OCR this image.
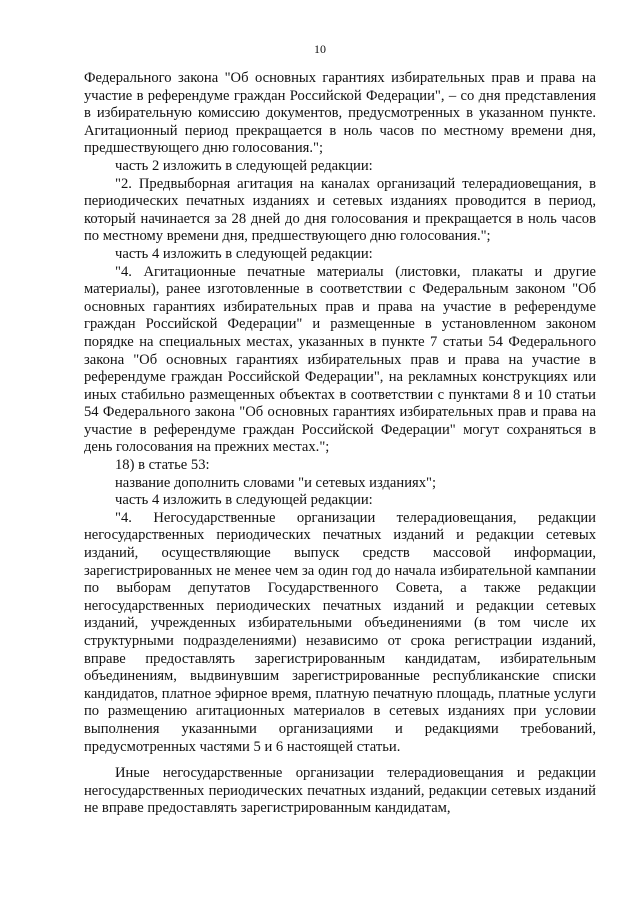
10

Федерального закона "Об основных гарантиях избирательных прав и права на участие в референдуме граждан Российской Федерации", – со дня представления в избирательную комиссию документов, предусмотренных в указанном пункте. Агитационный период прекращается в ноль часов по местному времени дня, предшествующего дню голосования.";

часть 2 изложить в следующей редакции:

"2. Предвыборная агитация на каналах организаций телерадиовещания, в периодических печатных изданиях и сетевых изданиях проводится в период, который начинается за 28 дней до дня голосования и прекращается в ноль часов по местному времени дня, предшествующего дню голосования.";

часть 4 изложить в следующей редакции:

"4. Агитационные печатные материалы (листовки, плакаты и другие материалы), ранее изготовленные в соответствии с Федеральным законом "Об основных гарантиях избирательных прав и права на участие в референдуме граждан Российской Федерации" и размещенные в установленном законом порядке на специальных местах, указанных в пункте 7 статьи 54 Федерального закона "Об основных гарантиях избирательных прав и права на участие в референдуме граждан Российской Федерации", на рекламных конструкциях или иных стабильно размещенных объектах в соответствии с пунктами 8 и 10 статьи 54 Федерального закона "Об основных гарантиях избирательных прав и права на участие в референдуме граждан Российской Федерации" могут сохраняться в день голосования на прежних местах.";

18) в статье 53:

название дополнить словами "и сетевых изданиях";

часть 4 изложить в следующей редакции:

"4. Негосударственные организации телерадиовещания, редакции негосударственных периодических печатных изданий и редакции сетевых изданий, осуществляющие выпуск средств массовой информации, зарегистрированных не менее чем за один год до начала избирательной кампании по выборам депутатов Государственного Совета, а также редакции негосударственных периодических печатных изданий и редакции сетевых изданий, учрежденных избирательными объединениями (в том числе их структурными подразделениями) независимо от срока регистрации изданий, вправе предоставлять зарегистрированным кандидатам, избирательным объединениям, выдвинувшим зарегистрированные республиканские списки кандидатов, платное эфирное время, платную печатную площадь, платные услуги по размещению агитационных материалов в сетевых изданиях при условии выполнения указанными организациями и редакциями требований, предусмотренных частями 5 и 6 настоящей статьи.

Иные негосударственные организации телерадиовещания и редакции негосударственных периодических печатных изданий, редакции сетевых изданий не вправе предоставлять зарегистрированным кандидатам,
